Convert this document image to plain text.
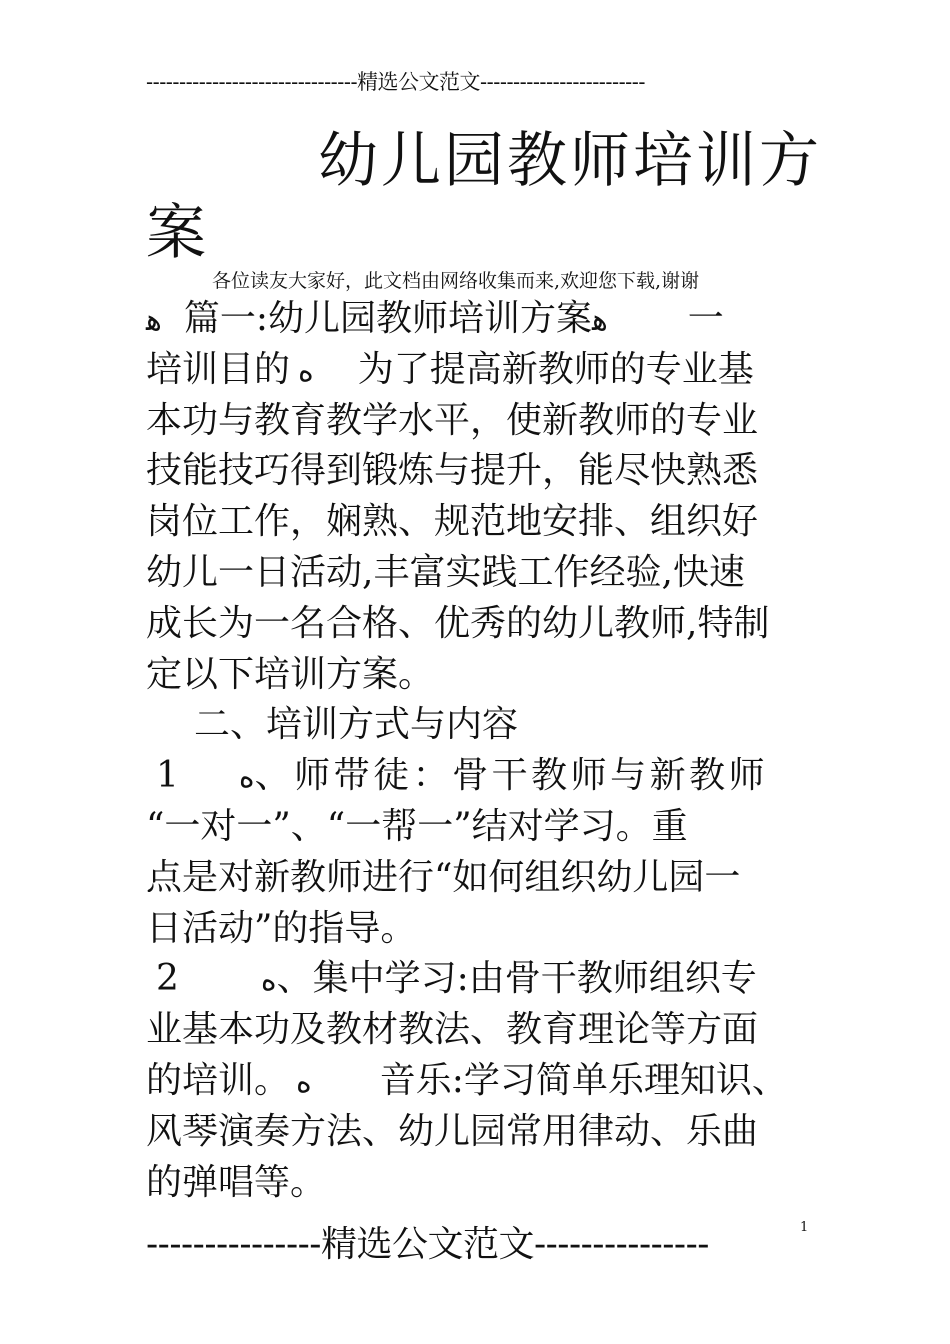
--------------------------------精选公文范文-------------------------
幼儿园教师培训方
案
各位读友大家好，此文档由网络收集而来,欢迎您下载,谢谢
ﻫ 篇一:幼儿园教师培训方案ﻫ 一
培训目的 ﻩ 为了提高新教师的专业基
本功与教育教学水平，使新教师的专业
技能技巧得到锻炼与提升，能尽快熟悉
岗位工作，娴熟、规范地安排、组织好
幼儿一日活动,丰富实践工作经验,快速
成长为一名合格、优秀的幼儿教师,特制
定以下培训方案。
二、培训方式与内容
1 ﻩ、师带徒：骨干教师与新教师
“一对一”、“一帮一”结对学习。重
点是对新教师进行“如何组织幼儿园一
日活动”的指导。
2	ﻩ、集中学习:由骨干教师组织专
业基本功及教材教法、教育理论等方面
的培训。 ﻩ 音乐:学习简单乐理知识、
风琴演奏方法、幼儿园常用律动、乐曲
的弹唱等。
---------------精选公文范文---------------	1
